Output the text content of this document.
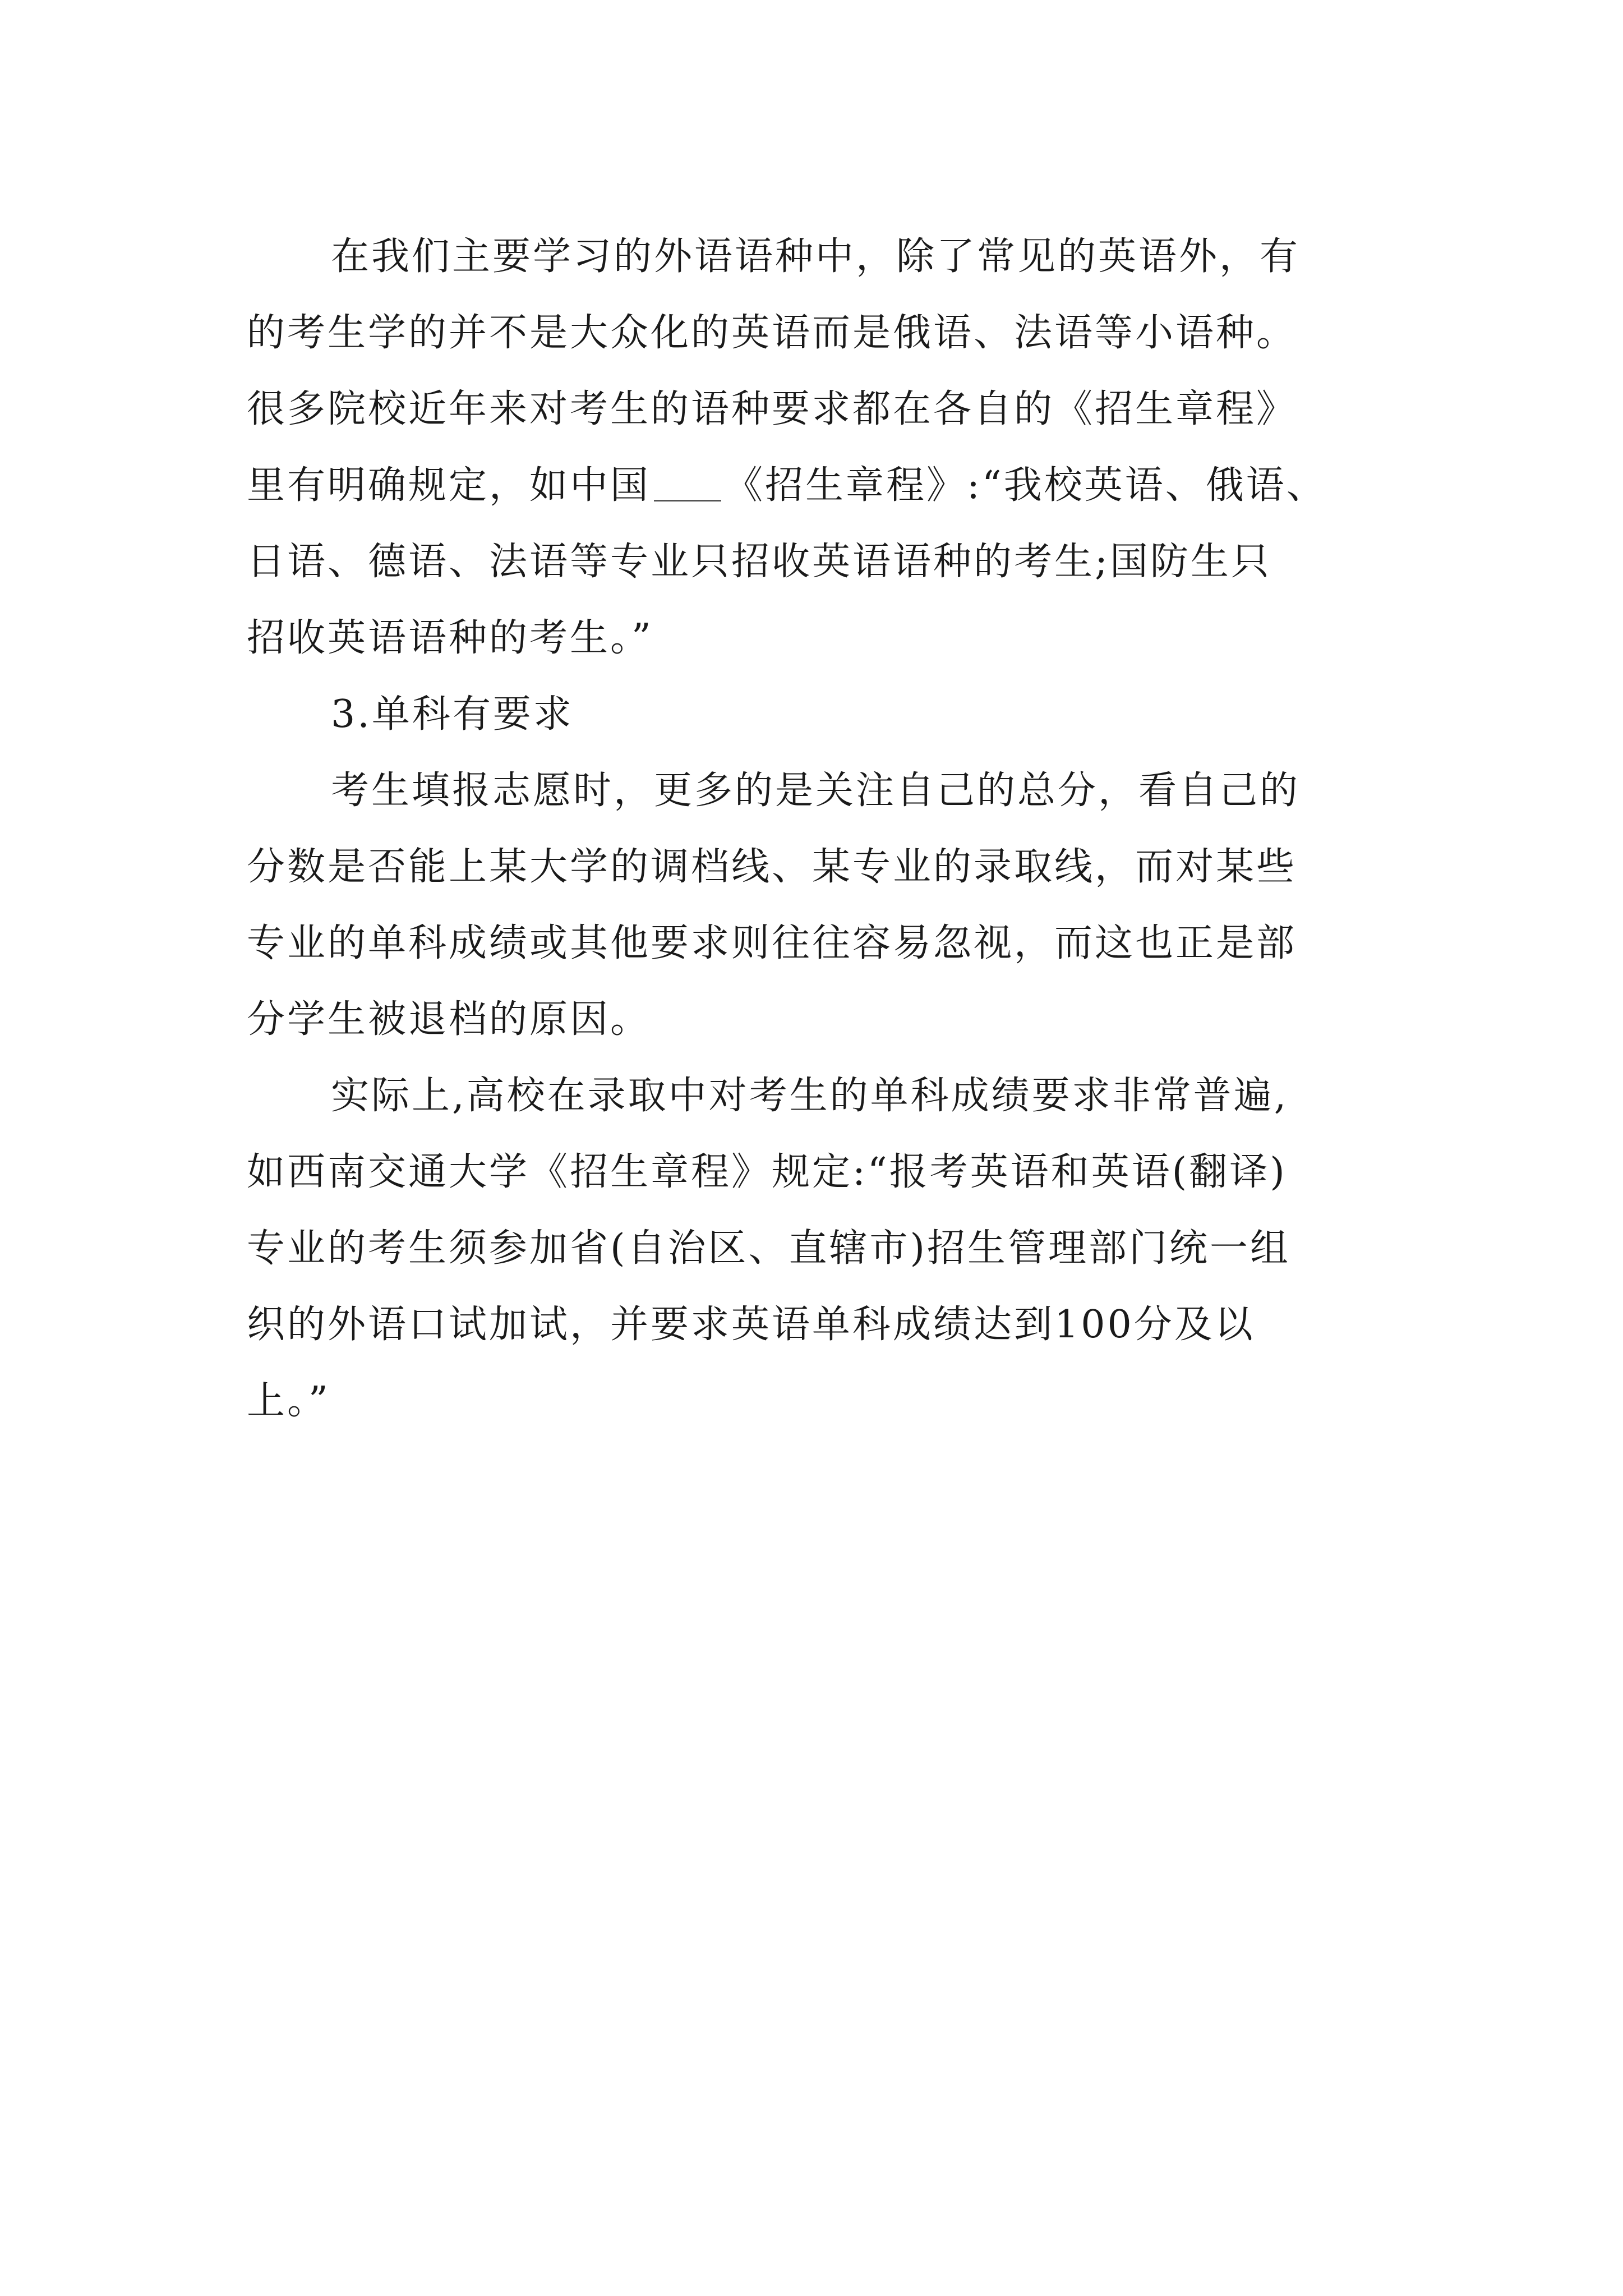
在我们主要学习的外语语种中，除了常见的英语外，有
的考生学的并不是大众化的英语而是俄语、法语等小语种。
很多院校近年来对考生的语种要求都在各自的《招生章程》
里有明确规定，如中国 《招生章程》:“我校英语、俄语、
日语、德语、法语等专业只招收英语语种的考生;国防生只
招收英语语种的考生。”
3.单科有要求
考生填报志愿时，更多的是关注自己的总分，看自己的
分数是否能上某大学的调档线、某专业的录取线，而对某些
专业的单科成绩或其他要求则往往容易忽视，而这也正是部
分学生被退档的原因。
实际上,高校在录取中对考生的单科成绩要求非常普遍,
如西南交通大学《招生章程》规定:“报考英语和英语(翻译)
专业的考生须参加省(自治区、直辖市)招生管理部门统一组
织的外语口试加试，并要求英语单科成绩达到100分及以
上。”
